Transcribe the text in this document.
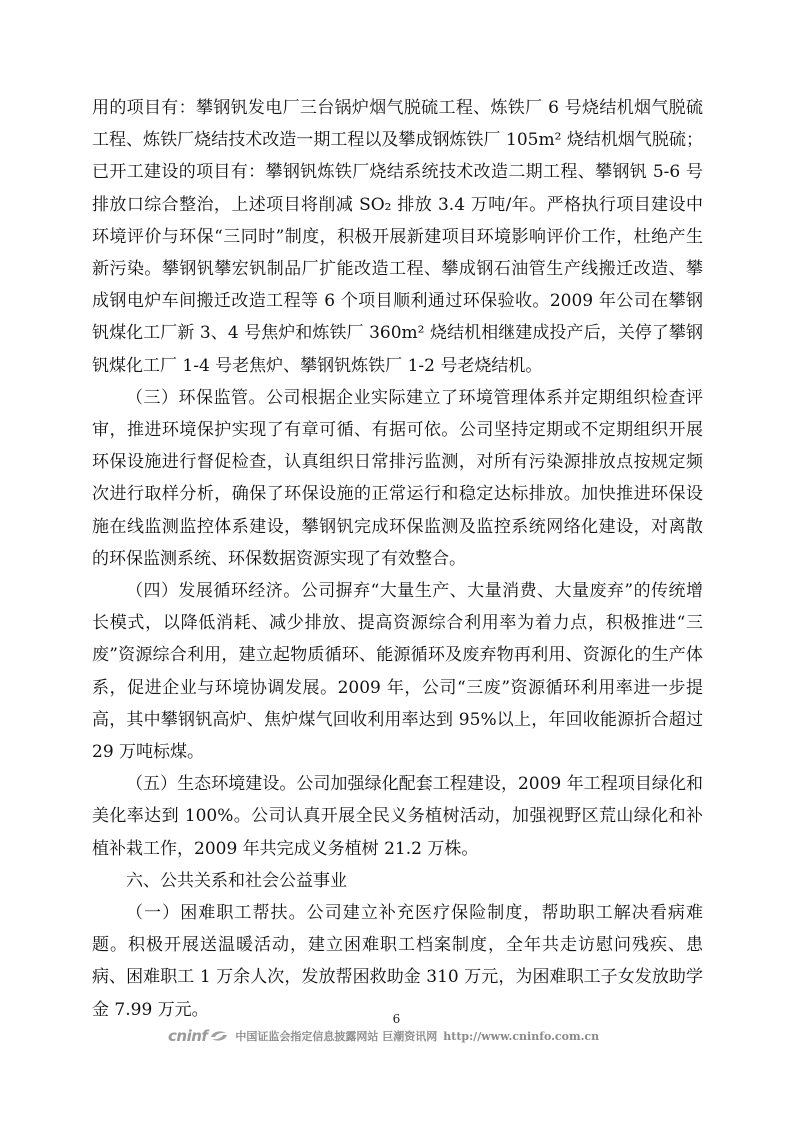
用的项目有：攀钢钒发电厂三台锅炉烟气脱硫工程、炼铁厂 6 号烧结机烟气脱硫工程、炼铁厂烧结技术改造一期工程以及攀成钢炼铁厂 105m² 烧结机烟气脱硫；已开工建设的项目有：攀钢钒炼铁厂烧结系统技术改造二期工程、攀钢钒 5-6 号排放口综合整治，上述项目将削减 SO₂ 排放 3.4 万吨/年。严格执行项目建设中环境评价与环保“三同时”制度，积极开展新建项目环境影响评价工作，杜绝产生新污染。攀钢钒攀宏钒制品厂扩能改造工程、攀成钢石油管生产线搬迁改造、攀成钢电炉车间搬迁改造工程等 6 个项目顺利通过环保验收。2009 年公司在攀钢钒煤化工厂新 3、4 号焦炉和炼铁厂 360m² 烧结机相继建成投产后，关停了攀钢钒煤化工厂 1-4 号老焦炉、攀钢钒炼铁厂 1-2 号老烧结机。

（三）环保监管。公司根据企业实际建立了环境管理体系并定期组织检查评审，推进环境保护实现了有章可循、有据可依。公司坚持定期或不定期组织开展环保设施进行督促检查，认真组织日常排污监测，对所有污染源排放点按规定频次进行取样分析，确保了环保设施的正常运行和稳定达标排放。加快推进环保设施在线监测监控体系建设，攀钢钒完成环保监测及监控系统网络化建设，对离散的环保监测系统、环保数据资源实现了有效整合。

（四）发展循环经济。公司摒弃“大量生产、大量消费、大量废弃”的传统增长模式，以降低消耗、减少排放、提高资源综合利用率为着力点，积极推进“三废”资源综合利用，建立起物质循环、能源循环及废弃物再利用、资源化的生产体系，促进企业与环境协调发展。2009 年，公司“三废”资源循环利用率进一步提高，其中攀钢钒高炉、焦炉煤气回收利用率达到 95%以上，年回收能源折合超过 29 万吨标煤。

（五）生态环境建设。公司加强绿化配套工程建设，2009 年工程项目绿化和美化率达到 100%。公司认真开展全民义务植树活动，加强视野区荒山绿化和补植补栽工作，2009 年共完成义务植树 21.2 万株。

六、公共关系和社会公益事业

（一）困难职工帮扶。公司建立补充医疗保险制度，帮助职工解决看病难题。积极开展送温暖活动，建立困难职工档案制度，全年共走访慰问残疾、患病、困难职工 1 万余人次，发放帮困救助金 310 万元，为困难职工子女发放助学金 7.99 万元。	6
cninf	中国证监会指定信息披露网站 巨潮资讯网 http://www.cninfo.com.cn
